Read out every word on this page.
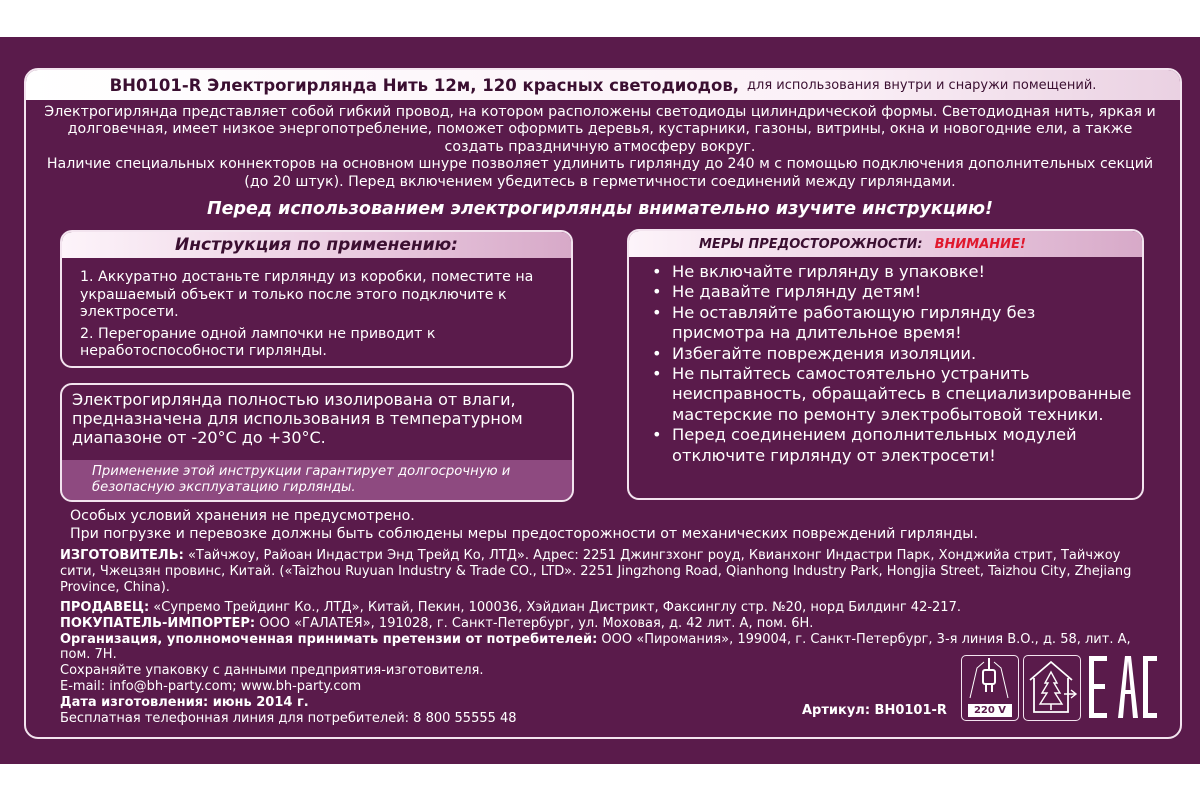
BH0101-R Электрогирлянда Нить 12м, 120 красных светодиодов, для использования внутри и снаружи помещений.

Электрогирлянда представляет собой гибкий провод, на котором расположены светодиоды цилиндрической формы. Светодиодная нить, яркая и долговечная, имеет низкое энергопотребление, поможет оформить деревья, кустарники, газоны, витрины, окна и новогодние ели, а также создать праздничную атмосферу вокруг.

Наличие специальных коннекторов на основном шнуре позволяет удлинить гирлянду до 240 м с помощью подключения дополнительных секций (до 20 штук). Перед включением убедитесь в герметичности соединений между гирляндами.

Перед использованием электрогирлянды внимательно изучите инструкцию!
Инструкция по применению:

1. Аккуратно достаньте гирлянду из коробки, поместите на украшаемый объект и только после этого подключите к электросети.

2. Перегорание одной лампочки не приводит к неработоспособности гирлянды.

Электрогирлянда полностью изолирована от влаги, предназначена для использования в температурном диапазоне от -20°С до +30°С.
Применение этой инструкции гарантирует долгосрочную и безопасную эксплуатацию гирлянды.
МЕРЫ ПРЕДОСТОРОЖНОСТИ: ВНИМАНИЕ!
• Не включайте гирлянду в упаковке!
• Не давайте гирлянду детям!
• Не оставляйте работающую гирлянду без присмотра на длительное время!
• Избегайте повреждения изоляции.
• Не пытайтесь самостоятельно устранить неисправность, обращайтесь в специализированные мастерские по ремонту электробытовой техники.
• Перед соединением дополнительных модулей отключите гирлянду от электросети!

Особых условий хранения не предусмотрено.

При погрузке и перевозке должны быть соблюдены меры предосторожности от механических повреждений гирлянды.

ИЗГОТОВИТЕЛЬ: «Тайчжоу, Райоан Индастри Энд Трейд Ко, ЛТД». Адрес: 2251 Джингзхонг роуд, Квианхонг Индастри Парк, Хонджийа стрит, Тайчжоу сити, Чжецзян провинс, Китай. («Taizhou Ruyuan Industry & Trade CO., LTD». 2251 Jingzhong Road, Qianhong Industry Park, Hongjia Street, Taizhou City, Zhejiang Province, China).

ПРОДАВЕЦ: «Супремо Трейдинг Ко., ЛТД», Китай, Пекин, 100036, Хэйдиан Дистрикт, Факсинглу стр. №20, норд Билдинг 42-217.

ПОКУПАТЕЛЬ-ИМПОРТЕР: ООО «ГАЛАТЕЯ», 191028, г. Санкт-Петербург, ул. Моховая, д. 42 лит. А, пом. 6Н.

Организация, уполномоченная принимать претензии от потребителей: ООО «Пиромания», 199004, г. Санкт-Петербург, 3-я линия В.О., д. 58, лит. А, пом. 7Н.

Сохраняйте упаковку с данными предприятия-изготовителя.

E-mail: info@bh-party.com; www.bh-party.com

Дата изготовления: июнь 2014 г.

Бесплатная телефонная линия для потребителей: 8 800 55555 48

Артикул: BH0101-R	220 V
